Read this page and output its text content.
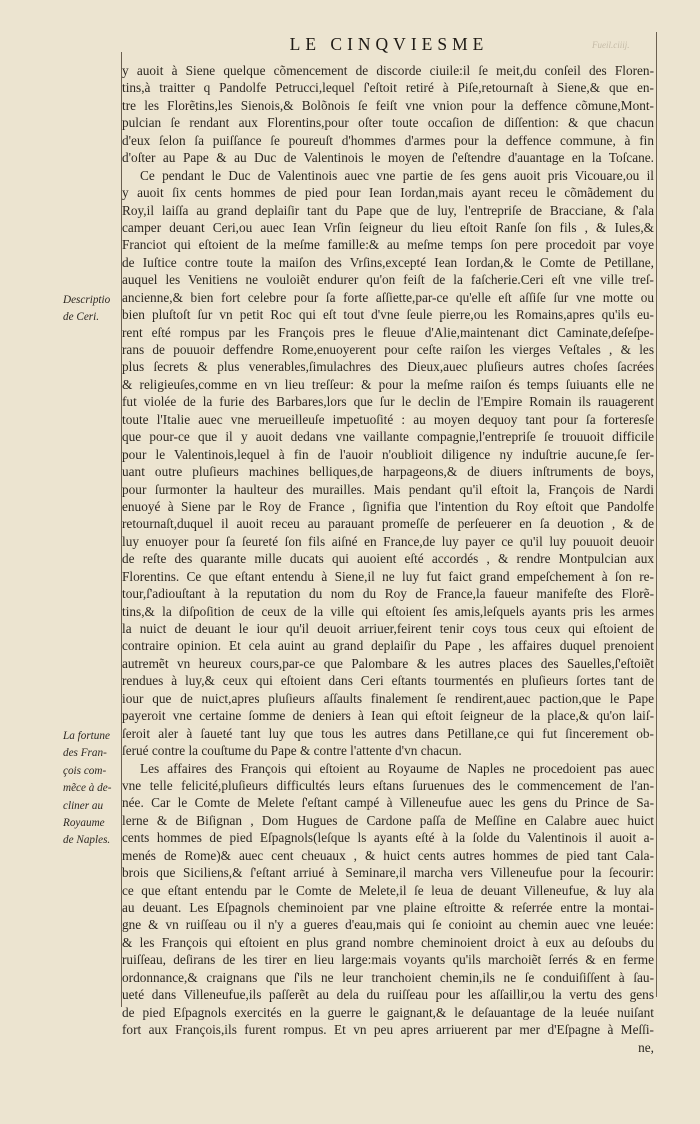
Fueil.ciiij.
LE CINQVIESME
Descriptio
de Ceri.
La fortune
des Fran-
çois com-
mẽce à de-
cliner au
Royaume
de Naples.
y auoit à Siene quelque cõmencement de discorde ciuile:il ſe meit,du conſeil des Floren-
tins,à traitter q Pandolfe Petrucci,lequel ſ'eſtoit retiré à Piſe,retournaſt à Siene,& que en-
tre les Florẽtins,les Sienois,& Bolõnois ſe feiſt vne vnion pour la deffence cõmune,Mont-
pulcian ſe rendant aux Florentins,pour oſter toute occaſion de diſſention: & que chacun
d'eux ſelon ſa puiſſance ſe poureuſt d'hommes d'armes pour la deffence commune, à fin
d'oſter au Pape & au Duc de Valentinois le moyen de ſ'eſtendre d'auantage en la Toſcane.
Ce pendant le Duc de Valentinois auec vne partie de ſes gens auoit pris Vicouare,ou il
y auoit ſix cents hommes de pied pour Iean Iordan,mais ayant receu le cõmãdement du
Roy,il laiſſa au grand deplaiſir tant du Pape que de luy, l'entrepriſe de Bracciane, & ſ'ala
camper deuant Ceri,ou auec Iean Vrſin ſeigneur du lieu eſtoit Ranſe ſon fils , & Iules,&
Franciot qui eſtoient de la meſme famille:& au meſme temps ſon pere procedoit par voye
de Iuſtice contre toute la maiſon des Vrſins,excepté Iean Iordan,& le Comte de Petillane,
auquel les Venitiens ne vouloiẽt endurer qu'on feiſt de la faſcherie.Ceri eſt vne ville treſ-
ancienne,& bien fort celebre pour ſa forte aſſiette,par-ce qu'elle eſt aſſiſe ſur vne motte ou
bien pluſtoſt ſur vn petit Roc qui eſt tout d'vne ſeule pierre,ou les Romains,apres qu'ils eu-
rent eſté rompus par les François pres le fleuue d'Alie,maintenant dict Caminate,deſeſpe-
rans de pouuoir deffendre Rome,enuoyerent pour ceſte raiſon les vierges Veſtales , & les
plus ſecrets & plus venerables,ſimulachres des Dieux,auec pluſieurs autres choſes ſacrées
& religieuſes,comme en vn lieu treſſeur: & pour la meſme raiſon és temps ſuiuants elle ne
fut violée de la furie des Barbares,lors que ſur le declin de l'Empire Romain ils rauagerent
toute l'Italie auec vne merueilleuſe impetuoſité : au moyen dequoy tant pour ſa forteresſe
que pour-ce que il y auoit dedans vne vaillante compagnie,l'entrepriſe ſe trouuoit difficile
pour le Valentinois,lequel à fin de l'auoir n'oublioit diligence ny induſtrie aucune,ſe ſer-
uant outre pluſieurs machines belliques,de harpageons,& de diuers inſtruments de boys,
pour ſurmonter la haulteur des murailles. Mais pendant qu'il eſtoit la, François de Nardi
enuoyé à Siene par le Roy de France , ſignifia que l'intention du Roy eſtoit que Pandolfe
retournaſt,duquel il auoit receu au parauant promeſſe de perſeuerer en ſa deuotion , & de
luy enuoyer pour ſa ſeureté ſon fils aiſné en France,de luy payer ce qu'il luy pouuoit deuoir
de reſte des quarante mille ducats qui auoient eſté accordés , & rendre Montpulcian aux
Florentins. Ce que eſtant entendu à Siene,il ne luy fut faict grand empeſchement à ſon re-
tour,ſ'adiouſtant à la reputation du nom du Roy de France,la faueur manifeſte des Florẽ-
tins,& la diſpoſition de ceux de la ville qui eſtoient ſes amis,leſquels ayants pris les armes
la nuict de deuant le iour qu'il deuoit arriuer,feirent tenir coys tous ceux qui eſtoient de
contraire opinion. Et cela auint au grand deplaiſir du Pape , les affaires duquel prenoient
autremẽt vn heureux cours,par-ce que Palombare & les autres places des Sauelles,ſ'eſtoiẽt
rendues à luy,& ceux qui eſtoient dans Ceri eſtants tourmentés en pluſieurs ſortes tant de
iour que de nuict,apres pluſieurs aſſaults finalement ſe rendirent,auec paction,que le Pape
payeroit vne certaine ſomme de deniers à Iean qui eſtoit ſeigneur de la place,& qu'on laiſ-
ſeroit aler à ſaueté tant luy que tous les autres dans Petillane,ce qui fut ſincerement ob-
ſerué contre la couſtume du Pape & contre l'attente d'vn chacun.
Les affaires des François qui eſtoient au Royaume de Naples ne procedoient pas auec
vne telle felicité,pluſieurs difficultés leurs eſtans ſuruenues des le commencement de l'an-
née. Car le Comte de Melete ſ'eſtant campé à Villeneufue auec les gens du Prince de Sa-
lerne & de Biſignan , Dom Hugues de Cardone paſſa de Meſſine en Calabre auec huict
cents hommes de pied Eſpagnols(leſque ls ayants eſté à la ſolde du Valentinois il auoit a-
menés de Rome)& auec cent cheuaux , & huict cents autres hommes de pied tant Cala-
brois que Siciliens,& ſ'eſtant arriué à Seminare,il marcha vers Villeneufue pour la ſecourir:
ce que eſtant entendu par le Comte de Melete,il ſe leua de deuant Villeneufue, & luy ala
au deuant. Les Eſpagnols cheminoient par vne plaine eſtroitte & reſerrée entre la montai-
gne & vn ruiſſeau ou il n'y a gueres d'eau,mais qui ſe conioint au chemin auec vne leuée:
& les François qui eſtoient en plus grand nombre cheminoient droict à eux au deſoubs du
ruiſſeau, deſirans de les tirer en lieu large:mais voyants qu'ils marchoiẽt ſerrés & en ferme
ordonnance,& craignans que ſ'ils ne leur tranchoient chemin,ils ne ſe conduiſiſſent à ſau-
ueté dans Villeneufue,ils paſſerẽt au dela du ruiſſeau pour les aſſaillir,ou la vertu des gens
de pied Eſpagnols exercités en la guerre le gaignant,& le deſauantage de la leuée nuiſant
fort aux François,ils furent rompus. Et vn peu apres arriuerent par mer d'Eſpagne à Meſſi-
ne,
